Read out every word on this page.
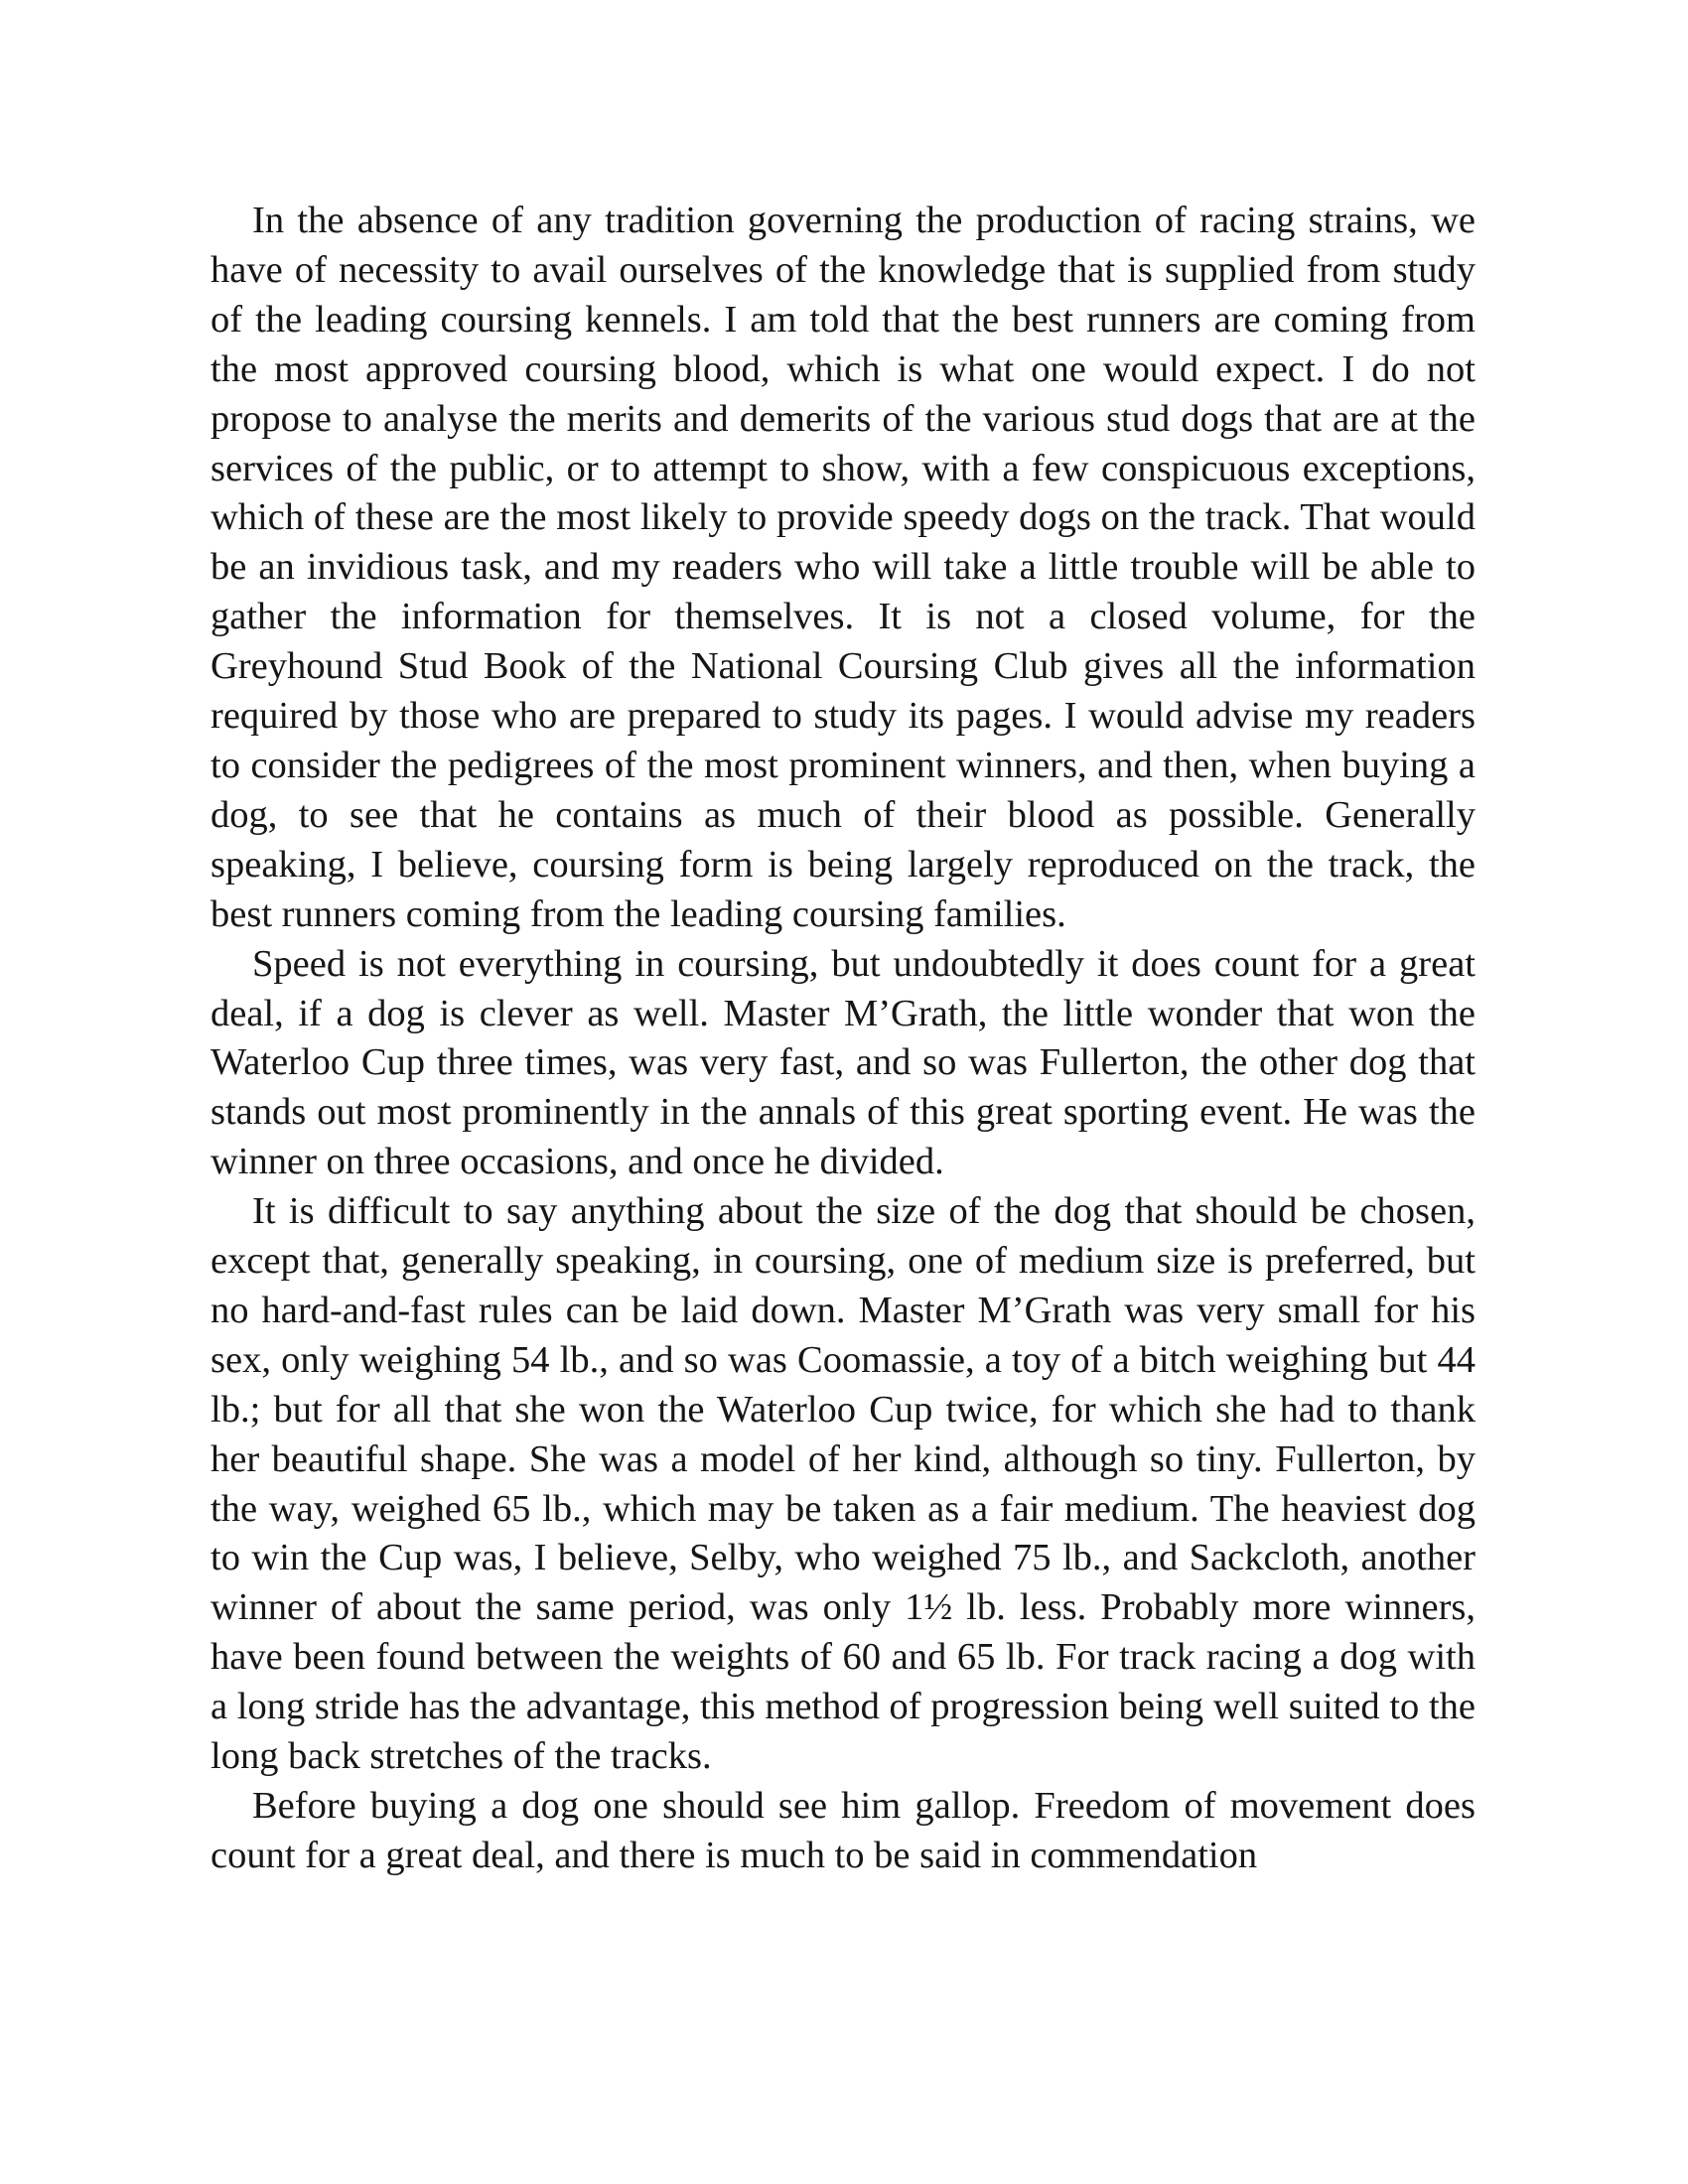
In the absence of any tradition governing the production of racing strains, we have of necessity to avail ourselves of the knowledge that is supplied from study of the leading coursing kennels. I am told that the best runners are coming from the most approved coursing blood, which is what one would expect. I do not propose to analyse the merits and demerits of the various stud dogs that are at the services of the public, or to attempt to show, with a few conspicuous exceptions, which of these are the most likely to provide speedy dogs on the track. That would be an invidious task, and my readers who will take a little trouble will be able to gather the information for themselves. It is not a closed volume, for the Greyhound Stud Book of the National Coursing Club gives all the information required by those who are prepared to study its pages. I would advise my readers to consider the pedigrees of the most prominent winners, and then, when buying a dog, to see that he contains as much of their blood as possible. Generally speaking, I believe, coursing form is being largely reproduced on the track, the best runners coming from the leading coursing families.

Speed is not everything in coursing, but undoubtedly it does count for a great deal, if a dog is clever as well. Master M’Grath, the little wonder that won the Waterloo Cup three times, was very fast, and so was Fullerton, the other dog that stands out most prominently in the annals of this great sporting event. He was the winner on three occasions, and once he divided.

It is difficult to say anything about the size of the dog that should be chosen, except that, generally speaking, in coursing, one of medium size is preferred, but no hard-and-fast rules can be laid down. Master M’Grath was very small for his sex, only weighing 54 lb., and so was Coomassie, a toy of a bitch weighing but 44 lb.; but for all that she won the Waterloo Cup twice, for which she had to thank her beautiful shape. She was a model of her kind, although so tiny. Fullerton, by the way, weighed 65 lb., which may be taken as a fair medium. The heaviest dog to win the Cup was, I believe, Selby, who weighed 75 lb., and Sackcloth, another winner of about the same period, was only 1½ lb. less. Probably more winners, have been found between the weights of 60 and 65 lb. For track racing a dog with a long stride has the advantage, this method of progression being well suited to the long back stretches of the tracks.

Before buying a dog one should see him gallop. Freedom of movement does count for a great deal, and there is much to be said in commendation
